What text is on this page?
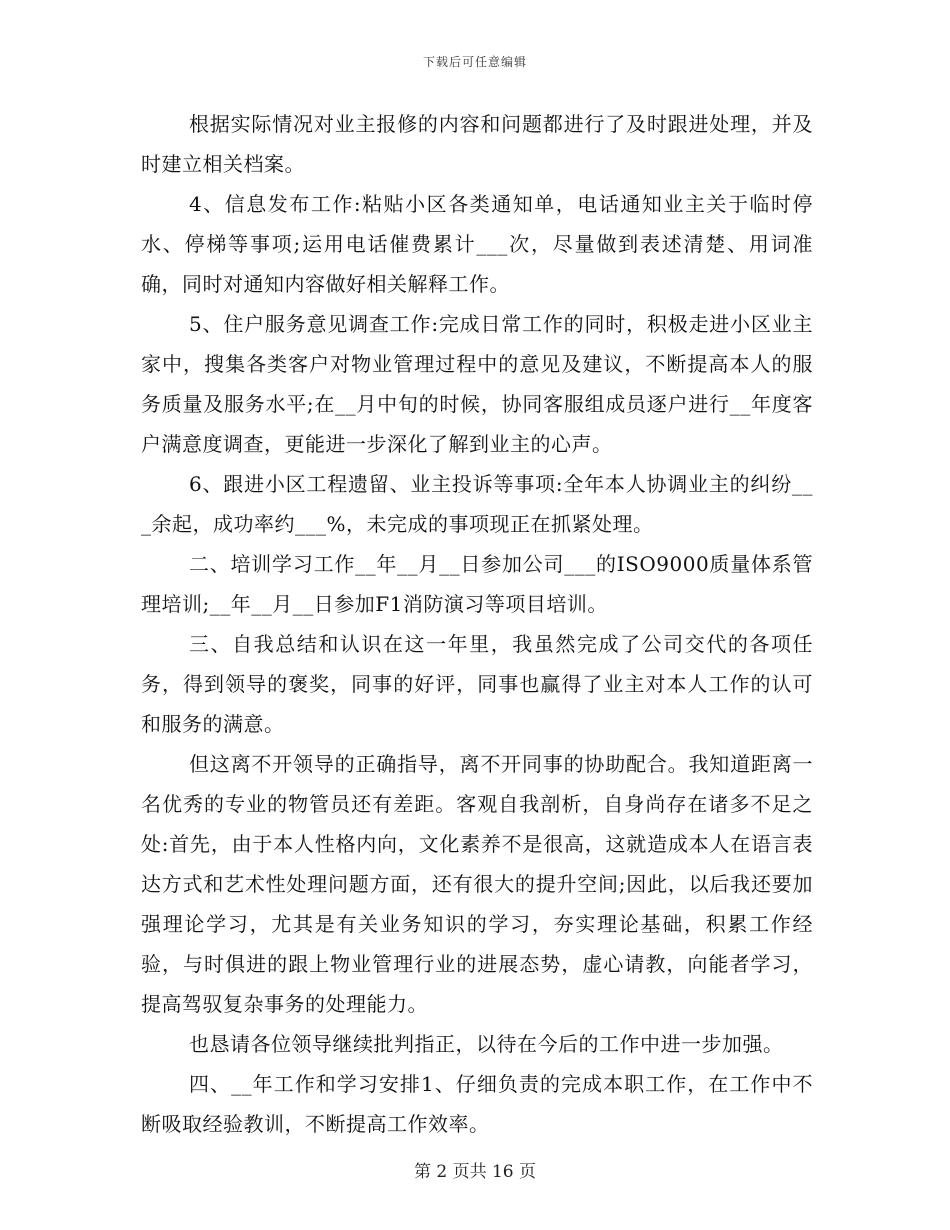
下载后可任意编辑

根据实际情况对业主报修的内容和问题都进行了及时跟进处理，并及时建立相关档案。

4、信息发布工作:粘贴小区各类通知单，电话通知业主关于临时停水、停梯等事项;运用电话催费累计___次，尽量做到表述清楚、用词准确，同时对通知内容做好相关解释工作。

5、住户服务意见调查工作:完成日常工作的同时，积极走进小区业主家中，搜集各类客户对物业管理过程中的意见及建议，不断提高本人的服务质量及服务水平;在__月中旬的时候，协同客服组成员逐户进行__年度客户满意度调查，更能进一步深化了解到业主的心声。

6、跟进小区工程遗留、业主投诉等事项:全年本人协调业主的纠纷___余起，成功率约___%，未完成的事项现正在抓紧处理。

二、培训学习工作__年__月__日参加公司___的ISO9000质量体系管理培训;__年__月__日参加F1消防演习等项目培训。

三、自我总结和认识在这一年里，我虽然完成了公司交代的各项任务，得到领导的褒奖，同事的好评，同事也赢得了业主对本人工作的认可和服务的满意。

但这离不开领导的正确指导，离不开同事的协助配合。我知道距离一名优秀的专业的物管员还有差距。客观自我剖析，自身尚存在诸多不足之处:首先，由于本人性格内向，文化素养不是很高，这就造成本人在语言表达方式和艺术性处理问题方面，还有很大的提升空间;因此，以后我还要加强理论学习，尤其是有关业务知识的学习，夯实理论基础，积累工作经验，与时俱进的跟上物业管理行业的进展态势，虚心请教，向能者学习，提高驾驭复杂事务的处理能力。

也恳请各位领导继续批判指正，以待在今后的工作中进一步加强。

四、__年工作和学习安排1、仔细负责的完成本职工作，在工作中不断吸取经验教训，不断提高工作效率。

第 2 页共 16 页
